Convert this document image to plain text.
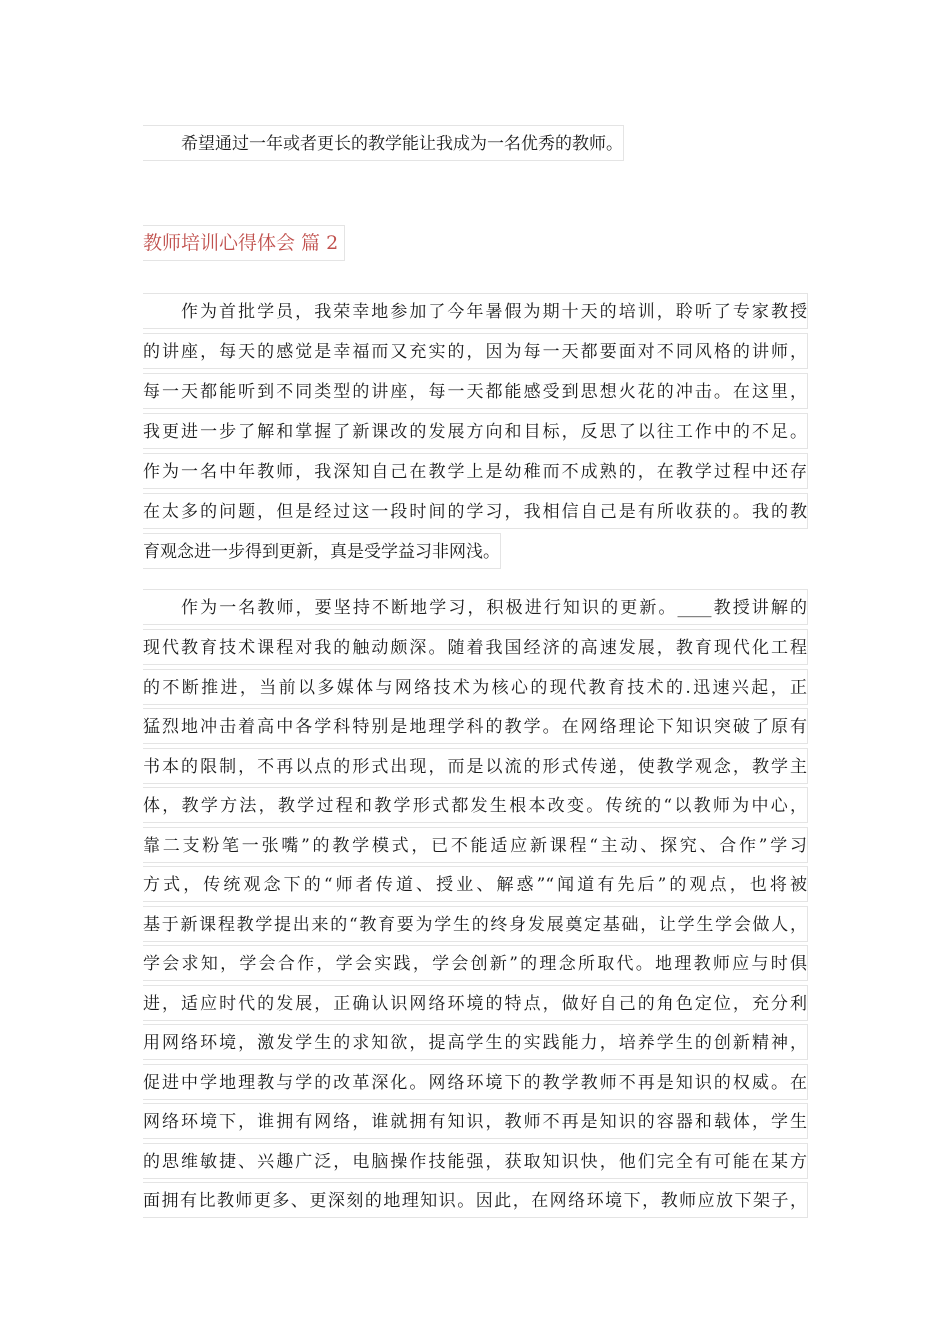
希望通过一年或者更长的教学能让我成为一名优秀的教师。
教师培训心得体会 篇 2
作为首批学员，我荣幸地参加了今年暑假为期十天的培训，聆听了专家教授
的讲座，每天的感觉是幸福而又充实的，因为每一天都要面对不同风格的讲师，
每一天都能听到不同类型的讲座，每一天都能感受到思想火花的冲击。在这里，
我更进一步了解和掌握了新课改的发展方向和目标，反思了以往工作中的不足。
作为一名中年教师，我深知自己在教学上是幼稚而不成熟的，在教学过程中还存
在太多的问题，但是经过这一段时间的学习，我相信自己是有所收获的。我的教
育观念进一步得到更新，真是受学益习非网浅。
作为一名教师，要坚持不断地学习，积极进行知识的更新。____教授讲解的
现代教育技术课程对我的触动颇深。随着我国经济的高速发展，教育现代化工程
的不断推进，当前以多媒体与网络技术为核心的现代教育技术的.迅速兴起，正
猛烈地冲击着高中各学科特别是地理学科的教学。在网络理论下知识突破了原有
书本的限制，不再以点的形式出现，而是以流的形式传递，使教学观念，教学主
体，教学方法，教学过程和教学形式都发生根本改变。传统的“以教师为中心，
靠二支粉笔一张嘴”的教学模式，已不能适应新课程“主动、探究、合作”学习
方式，传统观念下的“师者传道、授业、解惑”“闻道有先后”的观点，也将被
基于新课程教学提出来的“教育要为学生的终身发展奠定基础，让学生学会做人，
学会求知，学会合作，学会实践，学会创新”的理念所取代。地理教师应与时俱
进，适应时代的发展，正确认识网络环境的特点，做好自己的角色定位，充分利
用网络环境，激发学生的求知欲，提高学生的实践能力，培养学生的创新精神，
促进中学地理教与学的改革深化。网络环境下的教学教师不再是知识的权威。在
网络环境下，谁拥有网络，谁就拥有知识，教师不再是知识的容器和载体，学生
的思维敏捷、兴趣广泛，电脑操作技能强，获取知识快，他们完全有可能在某方
面拥有比教师更多、更深刻的地理知识。因此，在网络环境下，教师应放下架子，
